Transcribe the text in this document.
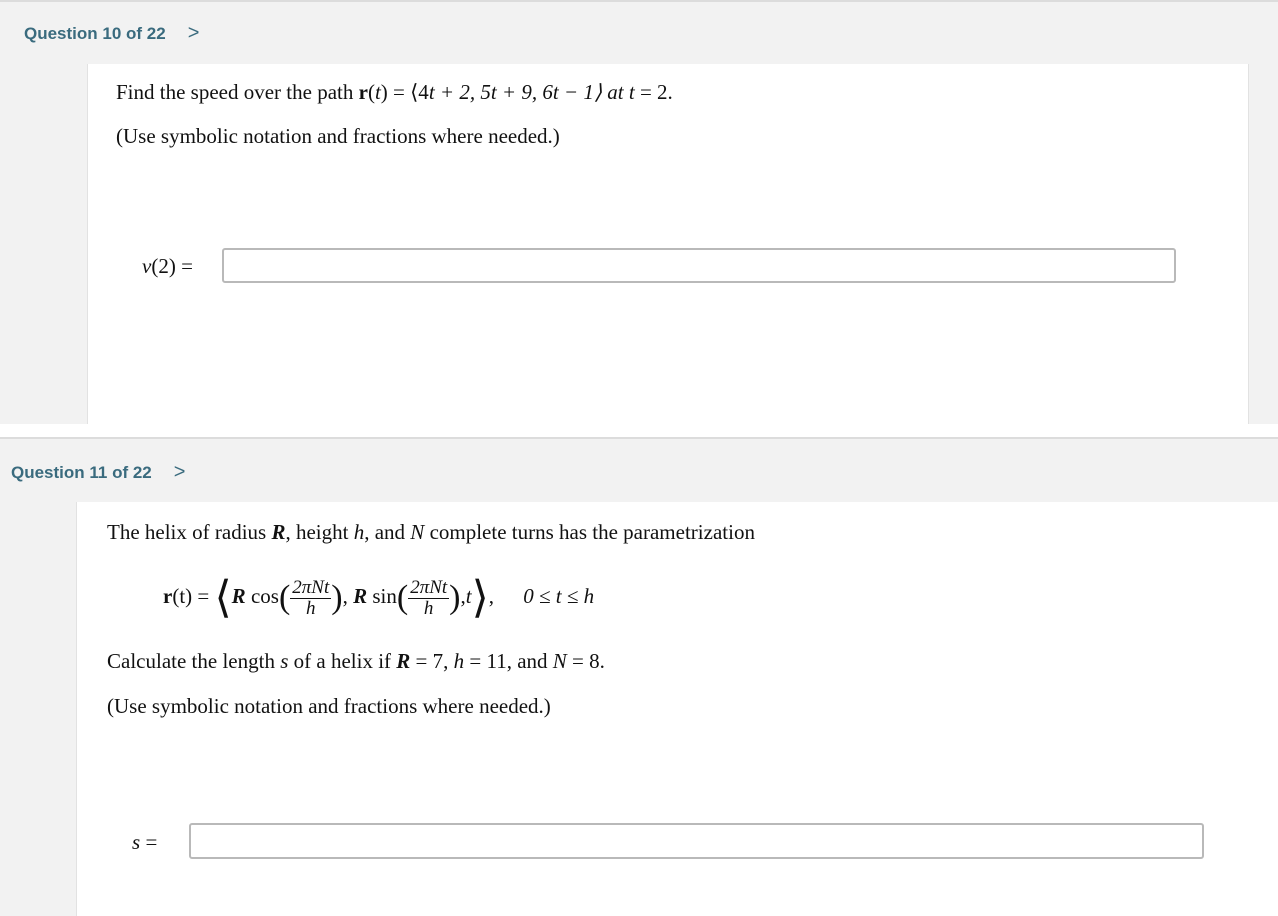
Question 10 of 22 >
Find the speed over the path r(t) = ⟨4t + 2, 5t + 9, 6t − 1⟩ at t = 2.
(Use symbolic notation and fractions where needed.)
v(2) =
Question 11 of 22 >
The helix of radius R, height h, and N complete turns has the parametrization
r(t) = ⟨R $\cos( \frac{\text{2πNt}}{h}$ ), R $\sin( \frac{\text{2πNt}}{h}$ ),t⟩, 0 ≤ t ≤ h
Calculate the length s of a helix if R = 7, h = 11, and N = 8.
(Use symbolic notation and fractions where needed.)
s =
